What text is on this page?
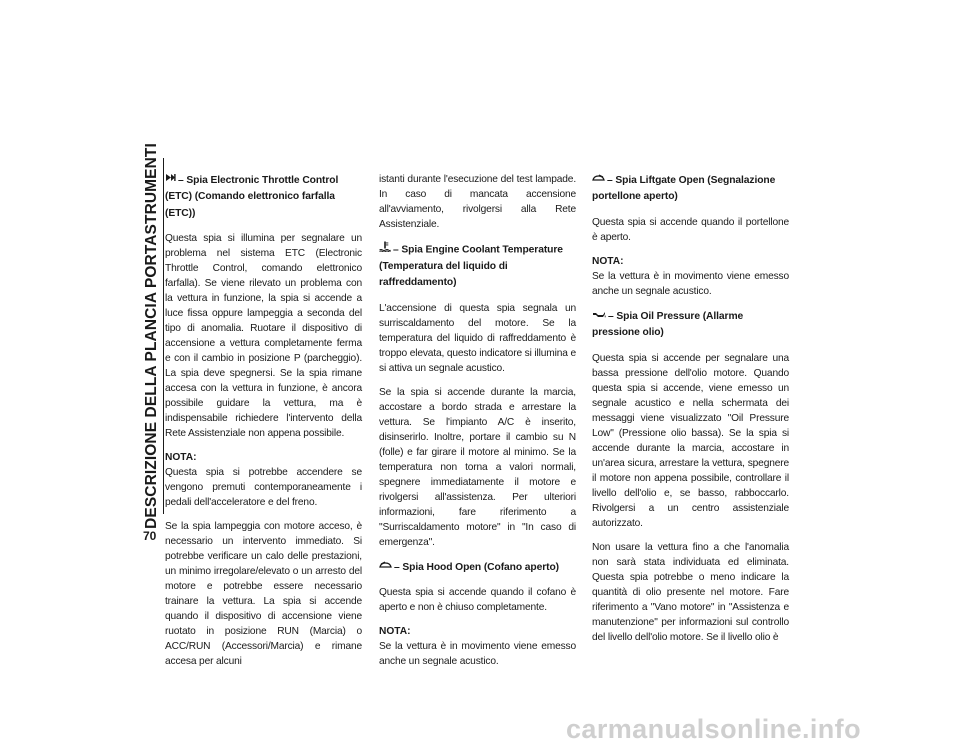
DESCRIZIONE DELLA PLANCIA PORTASTRUMENTI
70
– Spia Electronic Throttle Control (ETC) (Comando elettronico farfalla (ETC))

Questa spia si illumina per segnalare un problema nel sistema ETC (Electronic Throttle Control, comando elettronico farfalla). Se viene rilevato un problema con la vettura in funzione, la spia si accende a luce fissa oppure lampeggia a seconda del tipo di anomalia. Ruotare il dispositivo di accensione a vettura completamente ferma e con il cambio in posizione P (parcheggio). La spia deve spegnersi. Se la spia rimane accesa con la vettura in funzione, è ancora possibile guidare la vettura, ma è indispensabile richiedere l'intervento della Rete Assistenziale non appena possibile.

NOTA:

Questa spia si potrebbe accendere se vengono premuti contemporaneamente i pedali dell'acceleratore e del freno.

Se la spia lampeggia con motore acceso, è necessario un intervento immediato. Si potrebbe verificare un calo delle prestazioni, un minimo irregolare/elevato o un arresto del motore e potrebbe essere necessario trainare la vettura. La spia si accende quando il dispositivo di accensione viene ruotato in posizione RUN (Marcia) o ACC/RUN (Accessori/Marcia) e rimane accesa per alcuni

istanti durante l'esecuzione del test lampade. In caso di mancata accensione all'avviamento, rivolgersi alla Rete Assistenziale.

– Spia Engine Coolant Temperature (Temperatura del liquido di raffreddamento)

L'accensione di questa spia segnala un surriscaldamento del motore. Se la temperatura del liquido di raffreddamento è troppo elevata, questo indicatore si illumina e si attiva un segnale acustico.

Se la spia si accende durante la marcia, accostare a bordo strada e arrestare la vettura. Se l'impianto A/C è inserito, disinserirlo. Inoltre, portare il cambio su N (folle) e far girare il motore al minimo. Se la temperatura non torna a valori normali, spegnere immediatamente il motore e rivolgersi all'assistenza. Per ulteriori informazioni, fare riferimento a "Surriscaldamento motore" in "In caso di emergenza".

– Spia Hood Open (Cofano aperto)

Questa spia si accende quando il cofano è aperto e non è chiuso completamente.

NOTA:

Se la vettura è in movimento viene emesso anche un segnale acustico.

– Spia Liftgate Open (Segnalazione portellone aperto)

Questa spia si accende quando il portellone è aperto.

NOTA:

Se la vettura è in movimento viene emesso anche un segnale acustico.

– Spia Oil Pressure (Allarme pressione olio)

Questa spia si accende per segnalare una bassa pressione dell'olio motore. Quando questa spia si accende, viene emesso un segnale acustico e nella schermata dei messaggi viene visualizzato "Oil Pressure Low" (Pressione olio bassa). Se la spia si accende durante la marcia, accostare in un'area sicura, arrestare la vettura, spegnere il motore non appena possibile, controllare il livello dell'olio e, se basso, rabboccarlo. Rivolgersi a un centro assistenziale autorizzato.

Non usare la vettura fino a che l'anomalia non sarà stata individuata ed eliminata. Questa spia potrebbe o meno indicare la quantità di olio presente nel motore. Fare riferimento a "Vano motore" in "Assistenza e manutenzione" per informazioni sul controllo del livello dell'olio motore. Se il livello olio è

carmanualsonline.info
